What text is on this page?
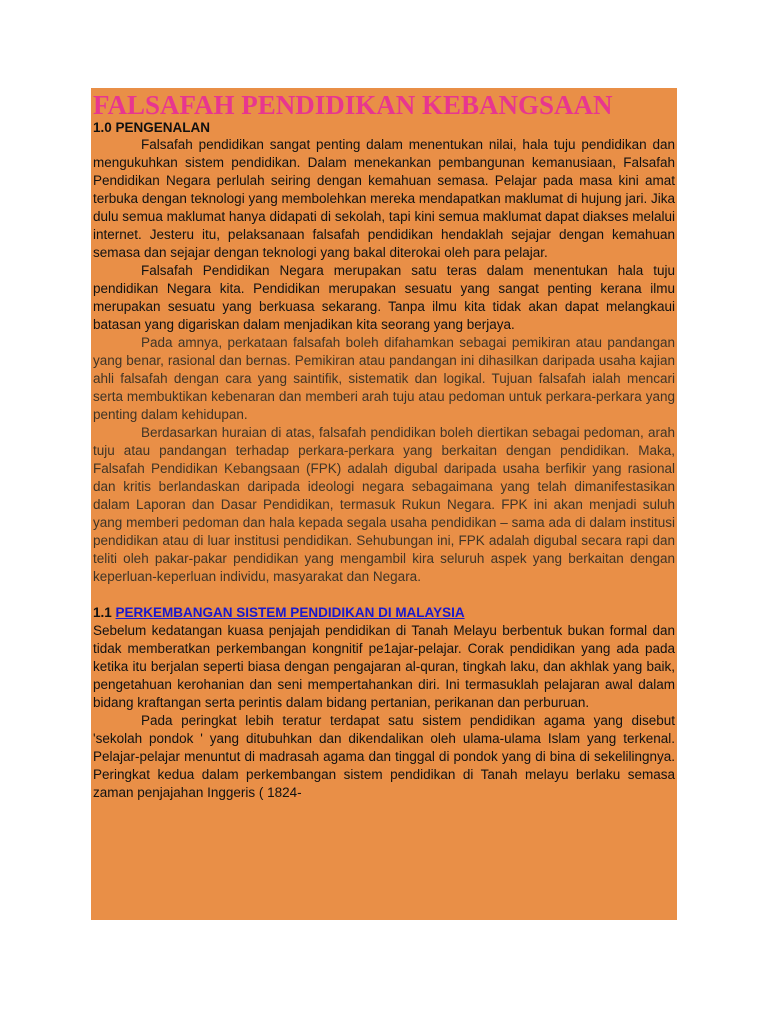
FALSAFAH PENDIDIKAN KEBANGSAAN
1.0 PENGENALAN

Falsafah pendidikan sangat penting dalam menentukan nilai, hala tuju pendidikan dan mengukuhkan sistem pendidikan. Dalam menekankan pembangunan kemanusiaan, Falsafah Pendidikan Negara perlulah seiring dengan kemahuan semasa. Pelajar pada masa kini amat terbuka dengan teknologi yang membolehkan mereka mendapatkan maklumat di hujung jari. Jika dulu semua maklumat hanya didapati di sekolah, tapi kini semua maklumat dapat diakses melalui internet. Jesteru itu, pelaksanaan falsafah pendidikan hendaklah sejajar dengan kemahuan semasa dan sejajar dengan teknologi yang bakal diterokai oleh para pelajar.

Falsafah Pendidikan Negara merupakan satu teras dalam menentukan hala tuju pendidikan Negara kita. Pendidikan merupakan sesuatu yang sangat penting kerana ilmu merupakan sesuatu yang berkuasa sekarang. Tanpa ilmu kita tidak akan dapat melangkaui batasan yang digariskan dalam menjadikan kita seorang yang berjaya.

Pada amnya, perkataan falsafah boleh difahamkan sebagai pemikiran atau pandangan yang benar, rasional dan bernas. Pemikiran atau pandangan ini dihasilkan daripada usaha kajian ahli falsafah dengan cara yang saintifik, sistematik dan logikal. Tujuan falsafah ialah mencari serta membuktikan kebenaran dan memberi arah tuju atau pedoman untuk perkara-perkara yang penting dalam kehidupan.

Berdasarkan huraian di atas, falsafah pendidikan boleh diertikan sebagai pedoman, arah tuju atau pandangan terhadap perkara-perkara yang berkaitan dengan pendidikan. Maka, Falsafah Pendidikan Kebangsaan (FPK) adalah digubal daripada usaha berfikir yang rasional dan kritis berlandaskan daripada ideologi negara sebagaimana yang telah dimanifestasikan dalam Laporan dan Dasar Pendidikan, termasuk Rukun Negara. FPK ini akan menjadi suluh yang memberi pedoman dan hala kepada segala usaha pendidikan – sama ada di dalam institusi pendidikan atau di luar institusi pendidikan. Sehubungan ini, FPK adalah digubal secara rapi dan teliti oleh pakar-pakar pendidikan yang mengambil kira seluruh aspek yang berkaitan dengan keperluan-keperluan individu, masyarakat dan Negara.

1.1 PERKEMBANGAN SISTEM PENDIDIKAN DI MALAYSIA

Sebelum kedatangan kuasa penjajah pendidikan di Tanah Melayu berbentuk bukan formal dan tidak memberatkan perkembangan kongnitif pe1ajar-pelajar. Corak pendidikan yang ada pada ketika itu berjalan seperti biasa dengan pengajaran al-quran, tingkah laku, dan akhlak yang baik, pengetahuan kerohanian dan seni mempertahankan diri. Ini termasuklah pelajaran awal dalam bidang kraftangan serta perintis dalam bidang pertanian, perikanan dan perburuan.

Pada peringkat lebih teratur terdapat satu sistem pendidikan agama yang disebut 'sekolah pondok ' yang ditubuhkan dan dikendalikan oleh ulama-ulama Islam yang terkenal. Pelajar-pelajar menuntut di madrasah agama dan tinggal di pondok yang di bina di sekelilingnya. Peringkat kedua dalam perkembangan sistem pendidikan di Tanah melayu berlaku semasa zaman penjajahan Inggeris ( 1824-
